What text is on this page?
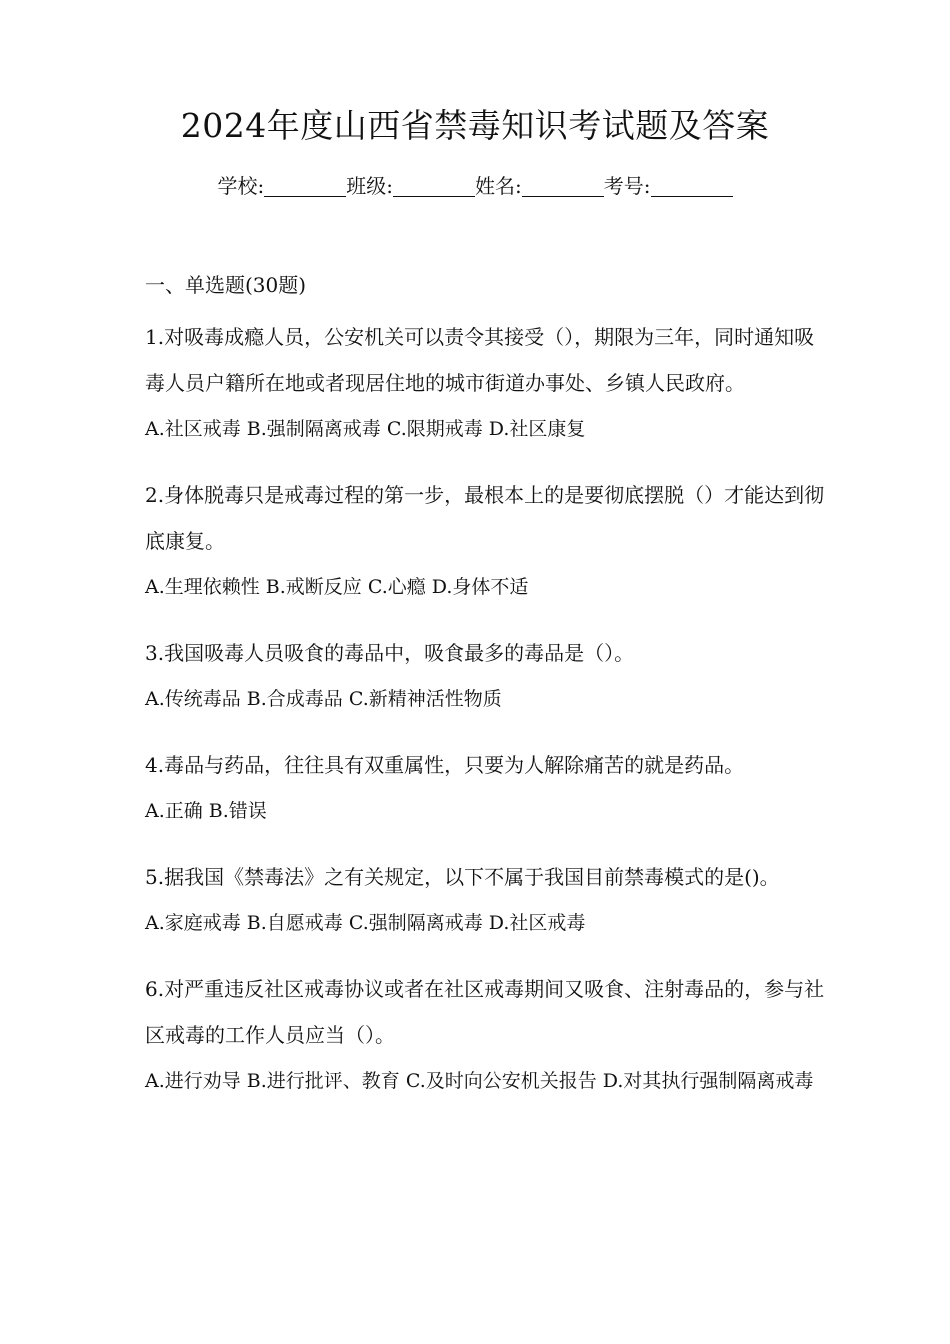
2024年度山西省禁毒知识考试题及答案
学校:	班级:	姓名:	考号:

一、单选题(30题)

1.对吸毒成瘾人员，公安机关可以责令其接受（），期限为三年，同时通知吸毒人员户籍所在地或者现居住地的城市街道办事处、乡镇人民政府。

A.社区戒毒 B.强制隔离戒毒 C.限期戒毒 D.社区康复

2.身体脱毒只是戒毒过程的第一步，最根本上的是要彻底摆脱（）才能达到彻底康复。

A.生理依赖性 B.戒断反应 C.心瘾 D.身体不适

3.我国吸毒人员吸食的毒品中，吸食最多的毒品是（）。

A.传统毒品 B.合成毒品 C.新精神活性物质

4.毒品与药品，往往具有双重属性，只要为人解除痛苦的就是药品。

A.正确 B.错误

5.据我国《禁毒法》之有关规定，以下不属于我国目前禁毒模式的是()。

A.家庭戒毒 B.自愿戒毒 C.强制隔离戒毒 D.社区戒毒

6.对严重违反社区戒毒协议或者在社区戒毒期间又吸食、注射毒品的，参与社区戒毒的工作人员应当（）。

A.进行劝导 B.进行批评、教育 C.及时向公安机关报告 D.对其执行强制隔离戒毒
